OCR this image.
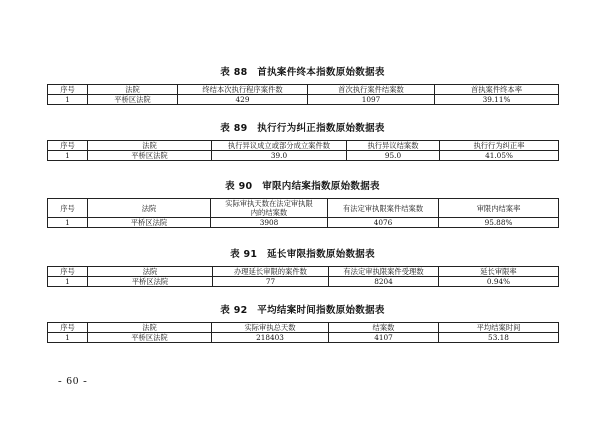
表 88　首执案件终本指数原始数据表
序号	法院	终结本次执行程序案件数	首次执行案件结案数	首执案件终本率
1	平桥区法院	429	1097	39.11%
表 89　执行行为纠正指数原始数据表
序号	法院	执行异议成立或部分成立案件数	执行异议结案数	执行行为纠正率
1	平桥区法院	39.0	95.0	41.05%
表 90　审限内结案指数原始数据表
序号	法院	实际审执天数在法定审执限内的结案数	有法定审执限案件结案数	审限内结案率
1	平桥区法院	3908	4076	95.88%
表 91　延长审限指数原始数据表
序号	法院	办理延长审限的案件数	有法定审执限案件受理数	延长审限率
1	平桥区法院	77	8204	0.94%
表 92　平均结案时间指数原始数据表
序号	法院	实际审执总天数	结案数	平均结案时间
1	平桥区法院	218403	4107	53.18
- 60 -
